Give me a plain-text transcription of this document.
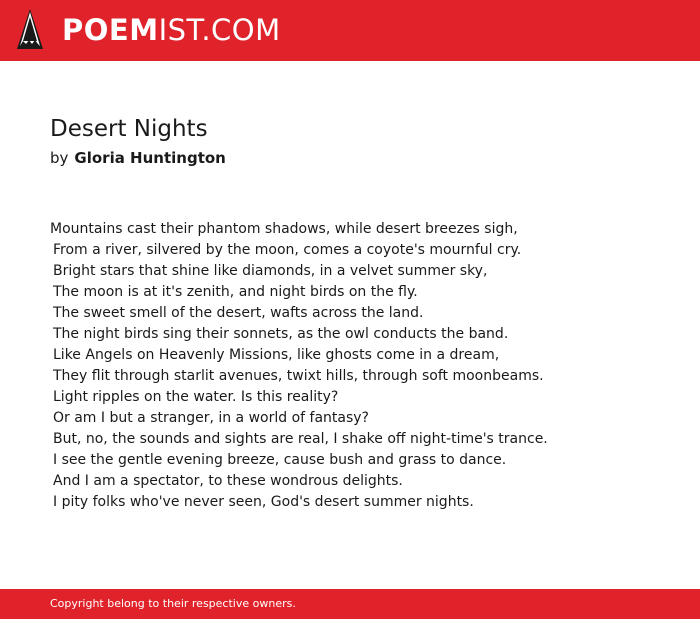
POEMIST.COM
Desert Nights
by Gloria Huntington
Mountains cast their phantom shadows, while desert breezes sigh,
From a river, silvered by the moon, comes a coyote's mournful cry.
Bright stars that shine like diamonds, in a velvet summer sky,
The moon is at it's zenith, and night birds on the fly.
The sweet smell of the desert, wafts across the land.
The night birds sing their sonnets, as the owl conducts the band.
Like Angels on Heavenly Missions, like ghosts come in a dream,
They flit through starlit avenues, twixt hills, through soft moonbeams.
Light ripples on the water. Is this reality?
Or am I but a stranger, in a world of fantasy?
But, no, the sounds and sights are real, I shake off night-time's trance.
I see the gentle evening breeze, cause bush and grass to dance.
And I am a spectator, to these wondrous delights.
I pity folks who've never seen, God's desert summer nights.
Copyright belong to their respective owners.
